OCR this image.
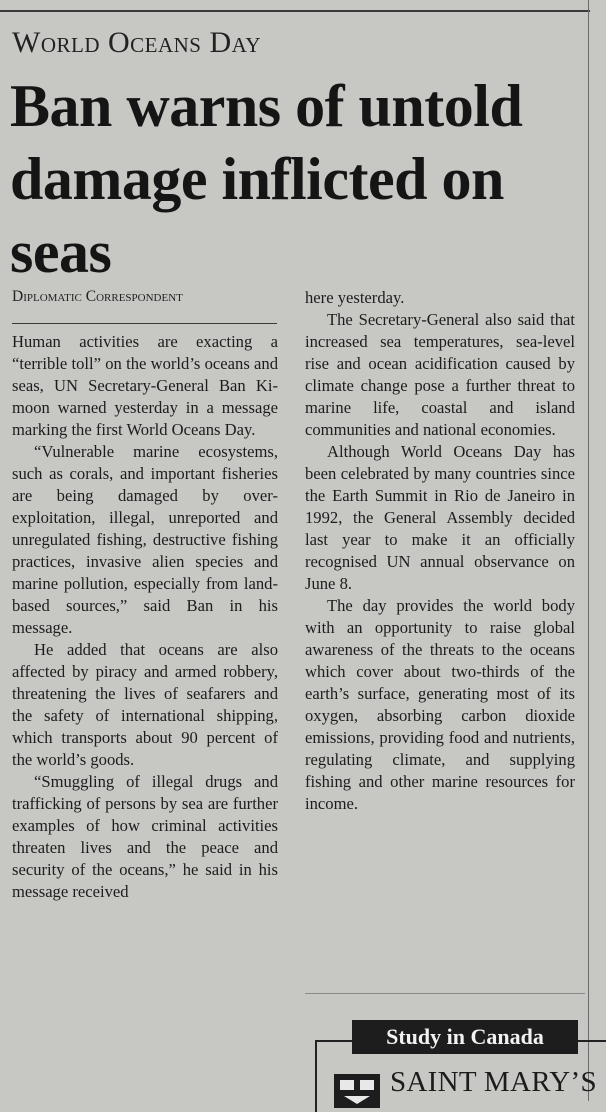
World Oceans Day
Ban warns of untold damage inflicted on seas
Diplomatic Correspondent

Human activities are exacting a “terrible toll” on the world’s oceans and seas, UN Secretary-General Ban Ki-moon warned yesterday in a message marking the first World Oceans Day.

“Vulnerable marine ecosystems, such as corals, and important fisheries are being damaged by over-exploitation, illegal, unreported and unregulated fishing, destructive fishing practices, invasive alien species and marine pollution, especially from land-based sources,” said Ban in his message.

He added that oceans are also affected by piracy and armed robbery, threatening the lives of seafarers and the safety of international shipping, which transports about 90 percent of the world’s goods.

“Smuggling of illegal drugs and trafficking of persons by sea are further examples of how criminal activities threaten lives and the peace and security of the oceans,” he said in his message received

here yesterday.

The Secretary-General also said that increased sea temperatures, sea-level rise and ocean acidification caused by climate change pose a further threat to marine life, coastal and island communities and national economies.

Although World Oceans Day has been celebrated by many countries since the Earth Summit in Rio de Janeiro in 1992, the General Assembly decided last year to make it an officially recognised UN annual observance on June 8.

The day provides the world body with an opportunity to raise global awareness of the threats to the oceans which cover about two-thirds of the earth’s surface, generating most of its oxygen, absorbing carbon dioxide emissions, providing food and nutrients, regulating climate, and supplying fishing and other marine resources for income.

Study in Canada
SAINT MARY’S
